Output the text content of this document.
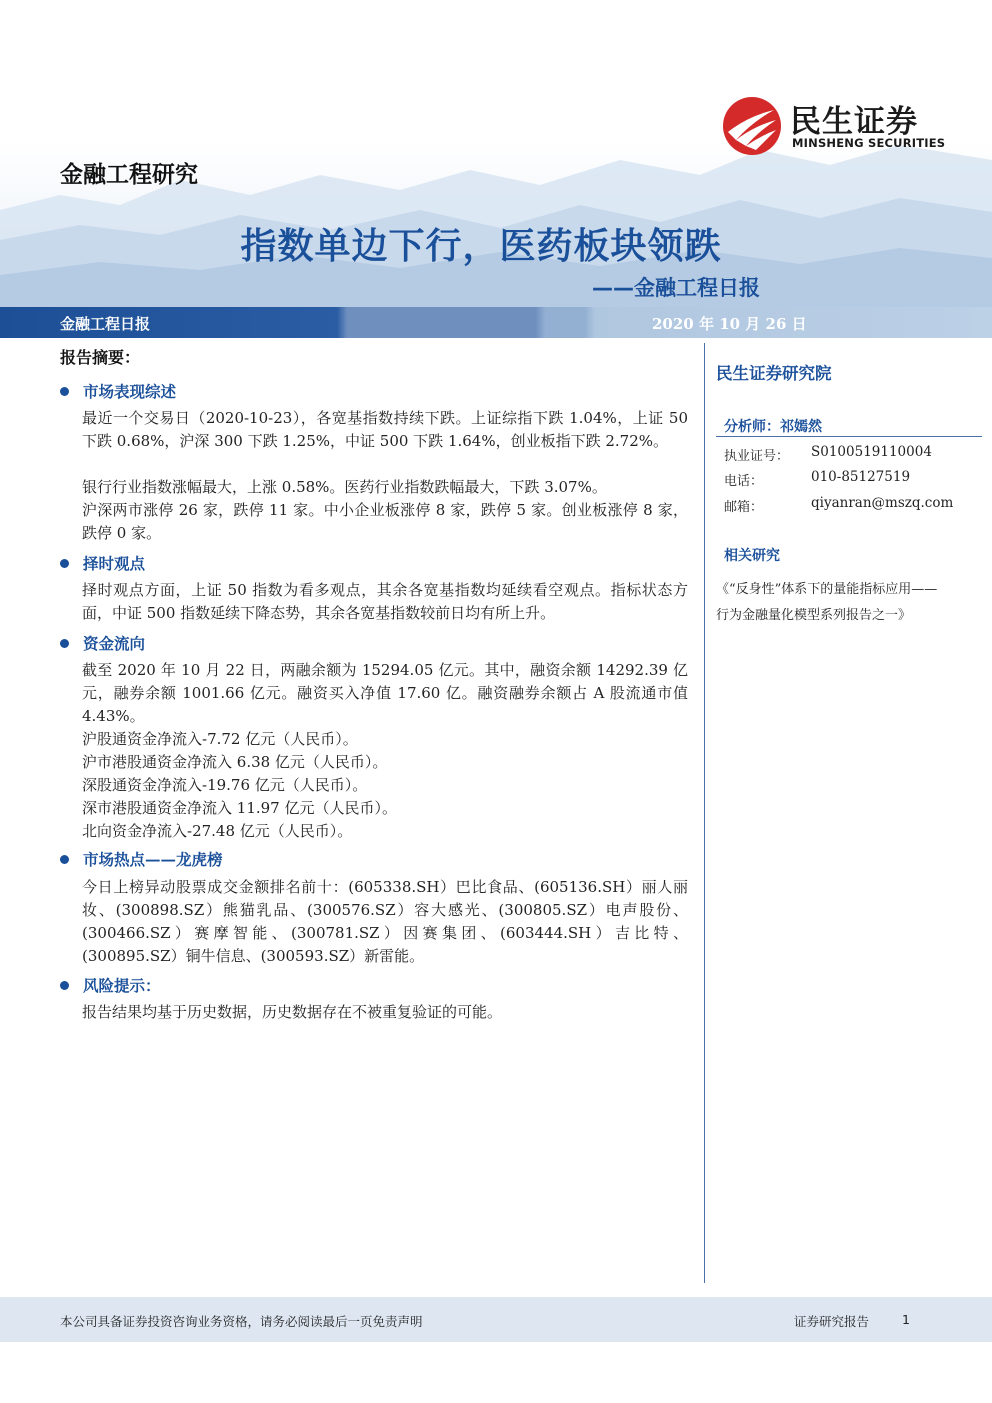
民生证券
MINSHENG SECURITIES
金融工程研究
指数单边下行，医药板块领跌
——金融工程日报
金融工程日报	2020 年 10 月 26 日
报告摘要：
市场表现综述
最近一个交易日（2020-10-23），各宽基指数持续下跌。上证综指下跌 1.04%，上证 50 下跌 0.68%，沪深 300 下跌 1.25%，中证 500 下跌 1.64%，创业板指下跌 2.72%。
银行行业指数涨幅最大，上涨 0.58%。医药行业指数跌幅最大，下跌 3.07%。
沪深两市涨停 26 家，跌停 11 家。中小企业板涨停 8 家，跌停 5 家。创业板涨停 8 家，跌停 0 家。
择时观点
择时观点方面，上证 50 指数为看多观点，其余各宽基指数均延续看空观点。指标状态方面，中证 500 指数延续下降态势，其余各宽基指数较前日均有所上升。
资金流向
截至 2020 年 10 月 22 日，两融余额为 15294.05 亿元。其中，融资余额 14292.39 亿元，融券余额 1001.66 亿元。融资买入净值 17.60 亿。融资融券余额占 A 股流通市值 4.43%。
沪股通资金净流入-7.72 亿元（人民币）。
沪市港股通资金净流入 6.38 亿元（人民币）。
深股通资金净流入-19.76 亿元（人民币）。
深市港股通资金净流入 11.97 亿元（人民币）。
北向资金净流入-27.48 亿元（人民币）。
市场热点——龙虎榜
今日上榜异动股票成交金额排名前十：(605338.SH）巴比食品、(605136.SH）丽人丽妆、(300898.SZ）熊猫乳品、(300576.SZ）容大感光、(300805.SZ）电声股份、(300466.SZ）赛摩智能、(300781.SZ）因赛集团、(603444.SH）吉比特、(300895.SZ）铜牛信息、(300593.SZ）新雷能。
风险提示：
报告结果均基于历史数据，历史数据存在不被重复验证的可能。
民生证券研究院
分析师：祁嫣然
执业证号： S0100519110004
电话：	010-85127519
邮箱：	qiyanran@mszq.com
相关研究
《“反身性”体系下的量能指标应用——
行为金融量化模型系列报告之一》
本公司具备证券投资咨询业务资格，请务必阅读最后一页免责声明	证券研究报告	1
